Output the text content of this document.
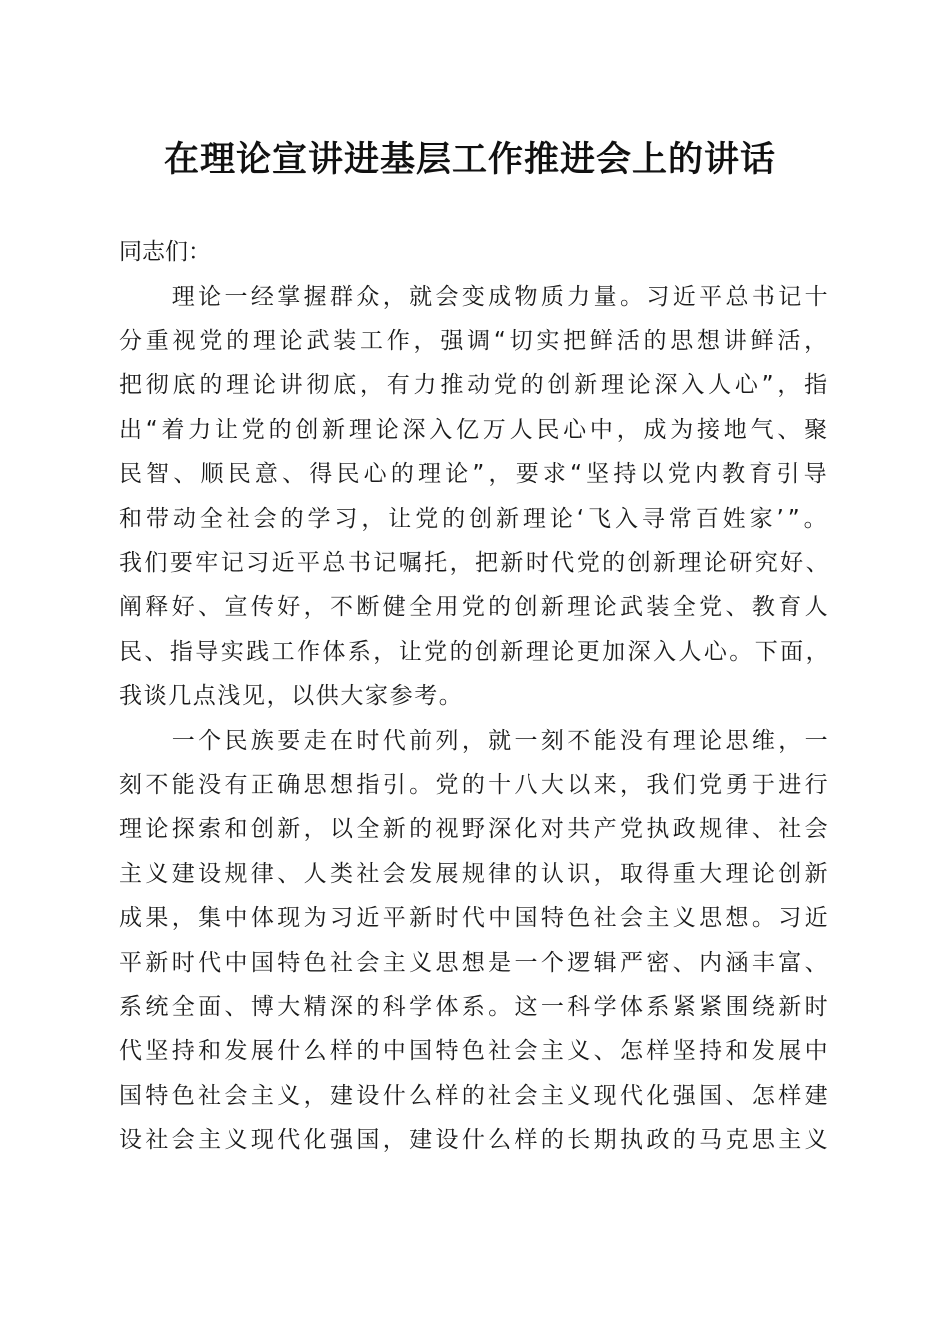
在理论宣讲进基层工作推进会上的讲话
同志们：
　　理论一经掌握群众，就会变成物质力量。习近平总书记十
分重视党的理论武装工作，强调“切实把鲜活的思想讲鲜活，
把彻底的理论讲彻底，有力推动党的创新理论深入人心”，指
出“着力让党的创新理论深入亿万人民心中，成为接地气、聚
民智、顺民意、得民心的理论”，要求“坚持以党内教育引导
和带动全社会的学习，让党的创新理论‘飞入寻常百姓家’”。
我们要牢记习近平总书记嘱托，把新时代党的创新理论研究好、
阐释好、宣传好，不断健全用党的创新理论武装全党、教育人
民、指导实践工作体系，让党的创新理论更加深入人心。下面，
我谈几点浅见，以供大家参考。
　　一个民族要走在时代前列，就一刻不能没有理论思维，一
刻不能没有正确思想指引。党的十八大以来，我们党勇于进行
理论探索和创新，以全新的视野深化对共产党执政规律、社会
主义建设规律、人类社会发展规律的认识，取得重大理论创新
成果，集中体现为习近平新时代中国特色社会主义思想。习近
平新时代中国特色社会主义思想是一个逻辑严密、内涵丰富、
系统全面、博大精深的科学体系。这一科学体系紧紧围绕新时
代坚持和发展什么样的中国特色社会主义、怎样坚持和发展中
国特色社会主义，建设什么样的社会主义现代化强国、怎样建
设社会主义现代化强国，建设什么样的长期执政的马克思主义
